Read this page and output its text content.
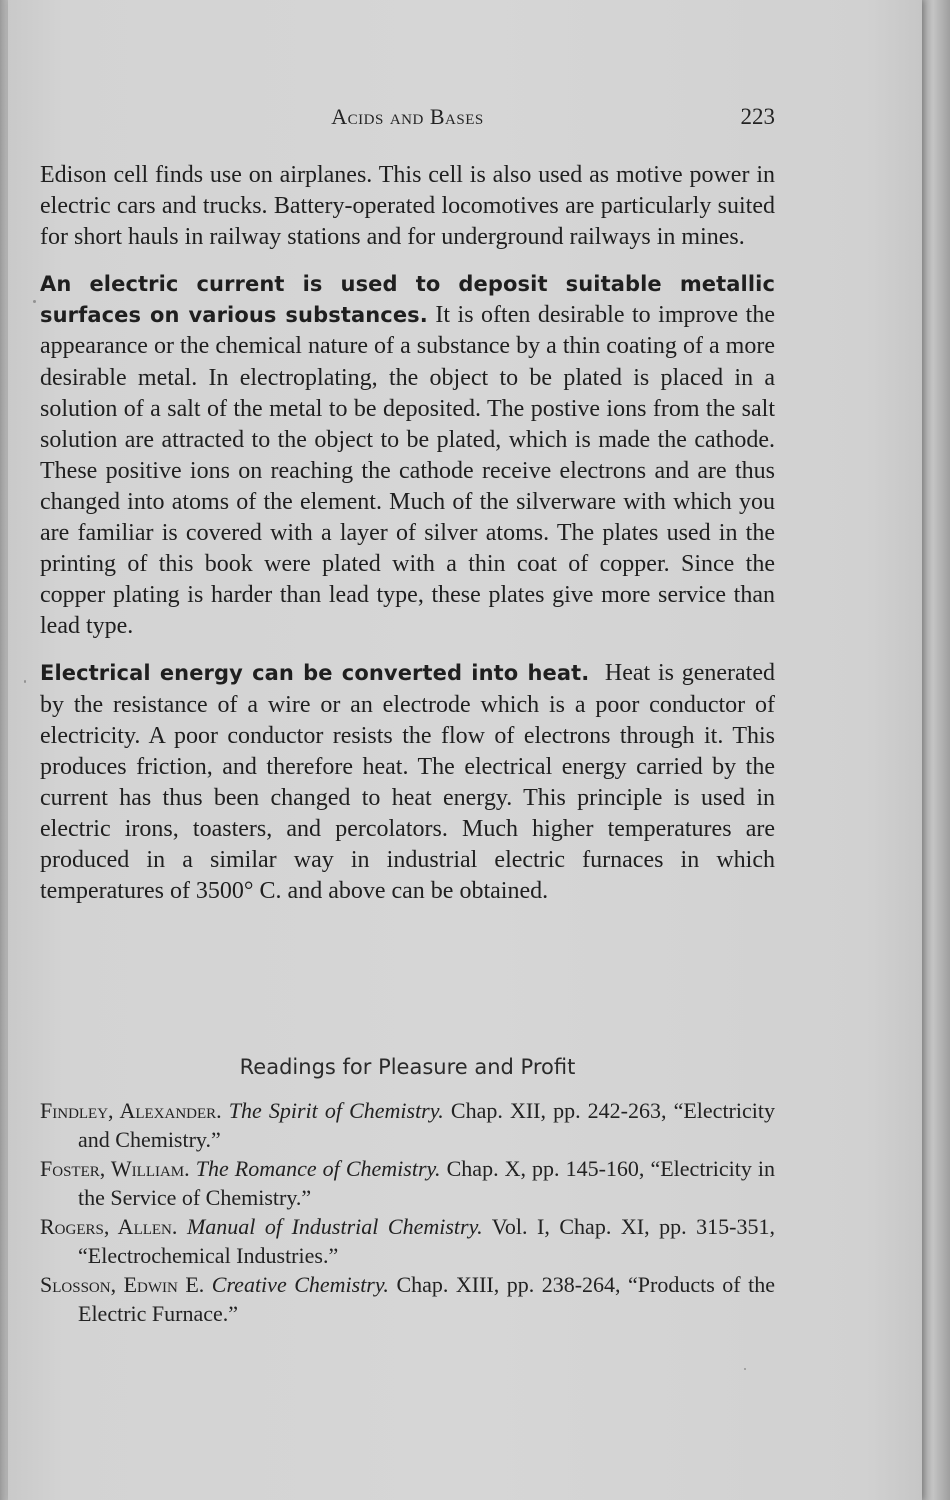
Acids and Bases	223

Edison cell finds use on airplanes. This cell is also used as motive power in electric cars and trucks. Battery-operated locomotives are particularly suited for short hauls in railway stations and for underground railways in mines.

An electric current is used to deposit suitable metallic surfaces on various substances. It is often desirable to improve the appearance or the chemical nature of a substance by a thin coating of a more desirable metal. In electroplating, the object to be plated is placed in a solution of a salt of the metal to be deposited. The postive ions from the salt solution are attracted to the object to be plated, which is made the cathode. These positive ions on reaching the cathode receive electrons and are thus changed into atoms of the element. Much of the silverware with which you are familiar is covered with a layer of silver atoms. The plates used in the printing of this book were plated with a thin coat of copper. Since the copper plating is harder than lead type, these plates give more service than lead type.

Electrical energy can be converted into heat. Heat is generated by the resistance of a wire or an electrode which is a poor conductor of electricity. A poor conductor resists the flow of electrons through it. This produces friction, and therefore heat. The electrical energy carried by the current has thus been changed to heat energy. This principle is used in electric irons, toasters, and percolators. Much higher temperatures are produced in a similar way in industrial electric furnaces in which temperatures of 3500° C. and above can be obtained.

Readings for Pleasure and Profit

Findley, Alexander. The Spirit of Chemistry. Chap. XII, pp. 242-263, “Electricity and Chemistry.”

Foster, William. The Romance of Chemistry. Chap. X, pp. 145-160, “Electricity in the Service of Chemistry.”

Rogers, Allen. Manual of Industrial Chemistry. Vol. I, Chap. XI, pp. 315-351, “Electrochemical Industries.”

Slosson, Edwin E. Creative Chemistry. Chap. XIII, pp. 238-264, “Products of the Electric Furnace.”
